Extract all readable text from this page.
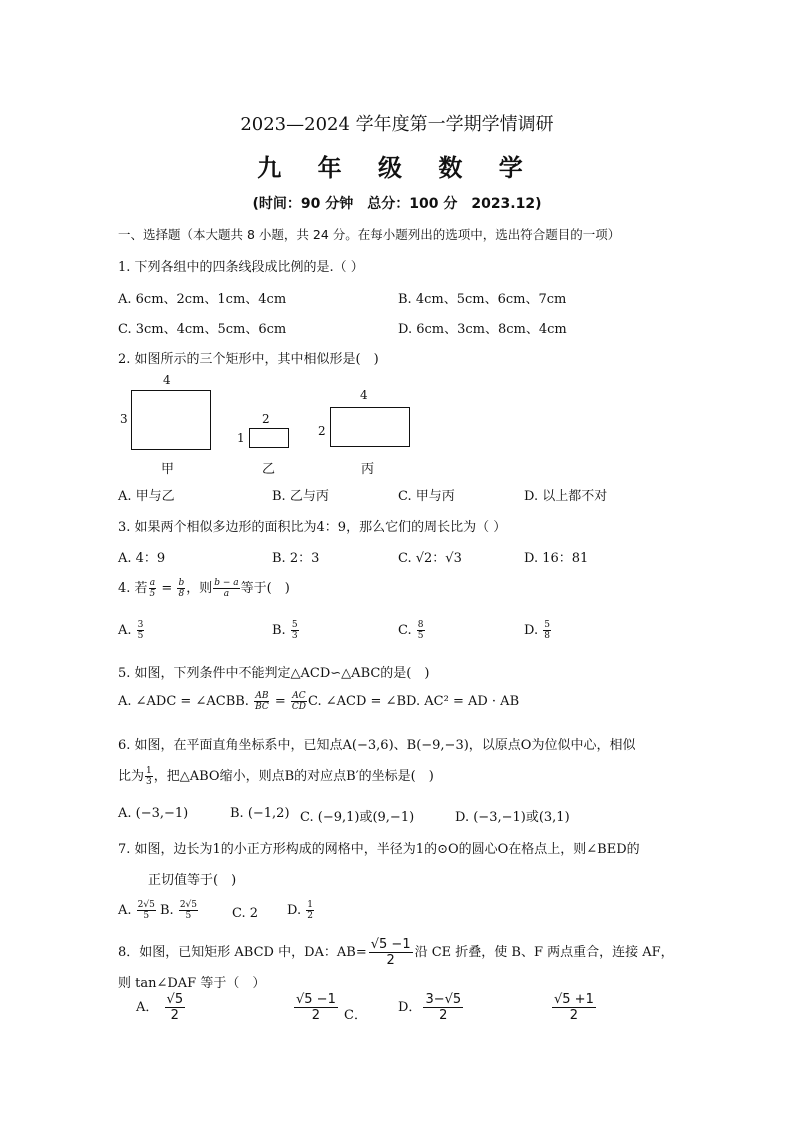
2023—2024 学年度第一学期学情调研
九 年 级 数 学
(时间：90 分钟　总分：100 分　2023.12)
一、选择题（本大题共 8 小题，共 24 分。在每小题列出的选项中，选出符合题目的一项）
1. 下列各组中的四条线段成比例的是.（ ）
A. 6cm、2cm、1cm、4cm	B. 4cm、5cm、6cm、7cm
C. 3cm、4cm、5cm、6cm	D. 6cm、3cm、8cm、4cm
2. 如图所示的三个矩形中，其中相似形是(　)
4
3
甲
2
1
乙
4
2
丙
A. 甲与乙	B. 乙与丙	C. 甲与丙	D. 以上都不对
3. 如果两个相似多边形的面积比为4：9，那么它们的周长比为（ ）
A. 4：9	B. 2：3	C. √2：√3	D. 16：81
4. 若 $\frac{a}{5} = \frac{b}{8}$ ，则 $\frac{b - a}{a}$ 等于(　)
A. $\frac{3}{5}$	B. $\frac{5}{3}$	C. $\frac{8}{5}$	D. $\frac{5}{8}$
5. 如图，下列条件中不能判定△ACD∽△ABC的是(　)
A. ∠ADC = ∠ACBB. $\frac{AB}{BC} = \frac{AC}{CD} C$. ∠ACD = ∠BD. AC² = AD · AB
6. 如图，在平面直角坐标系中，已知点A(−3,6)、B(−9,−3)，以原点O为位似中心，相似
比为 $\frac{1}{3}$ ，把△ABO缩小，则点B的对应点B′的坐标是(　)
A. (−3,−1)	B. (−1,2) C. (−9,1)或(9,−1)	D. (−3,−1)或(3,1)
7. 如图，边长为1的小正方形构成的网格中，半径为1的⊙O的圆心O在格点上，则∠BED的
正切值等于(　)
A. $\frac{2√5}{5} B$. $\frac{2√5}{5}$	C. 2 D. $\frac{1}{2}$
8．如图，已知矩形 ABCD 中，DA：$AB= \frac{√5 -1}{2}$ 沿 CE 折叠，使 B、F 两点重合，连接 AF，
则 tan∠DAF 等于（　）
A． $\frac{√5}{2}$	$\frac{√5 -1}{2}$ C．
D． $\frac{3-√5}{2}$	$\frac{√5 +1}{2}$
